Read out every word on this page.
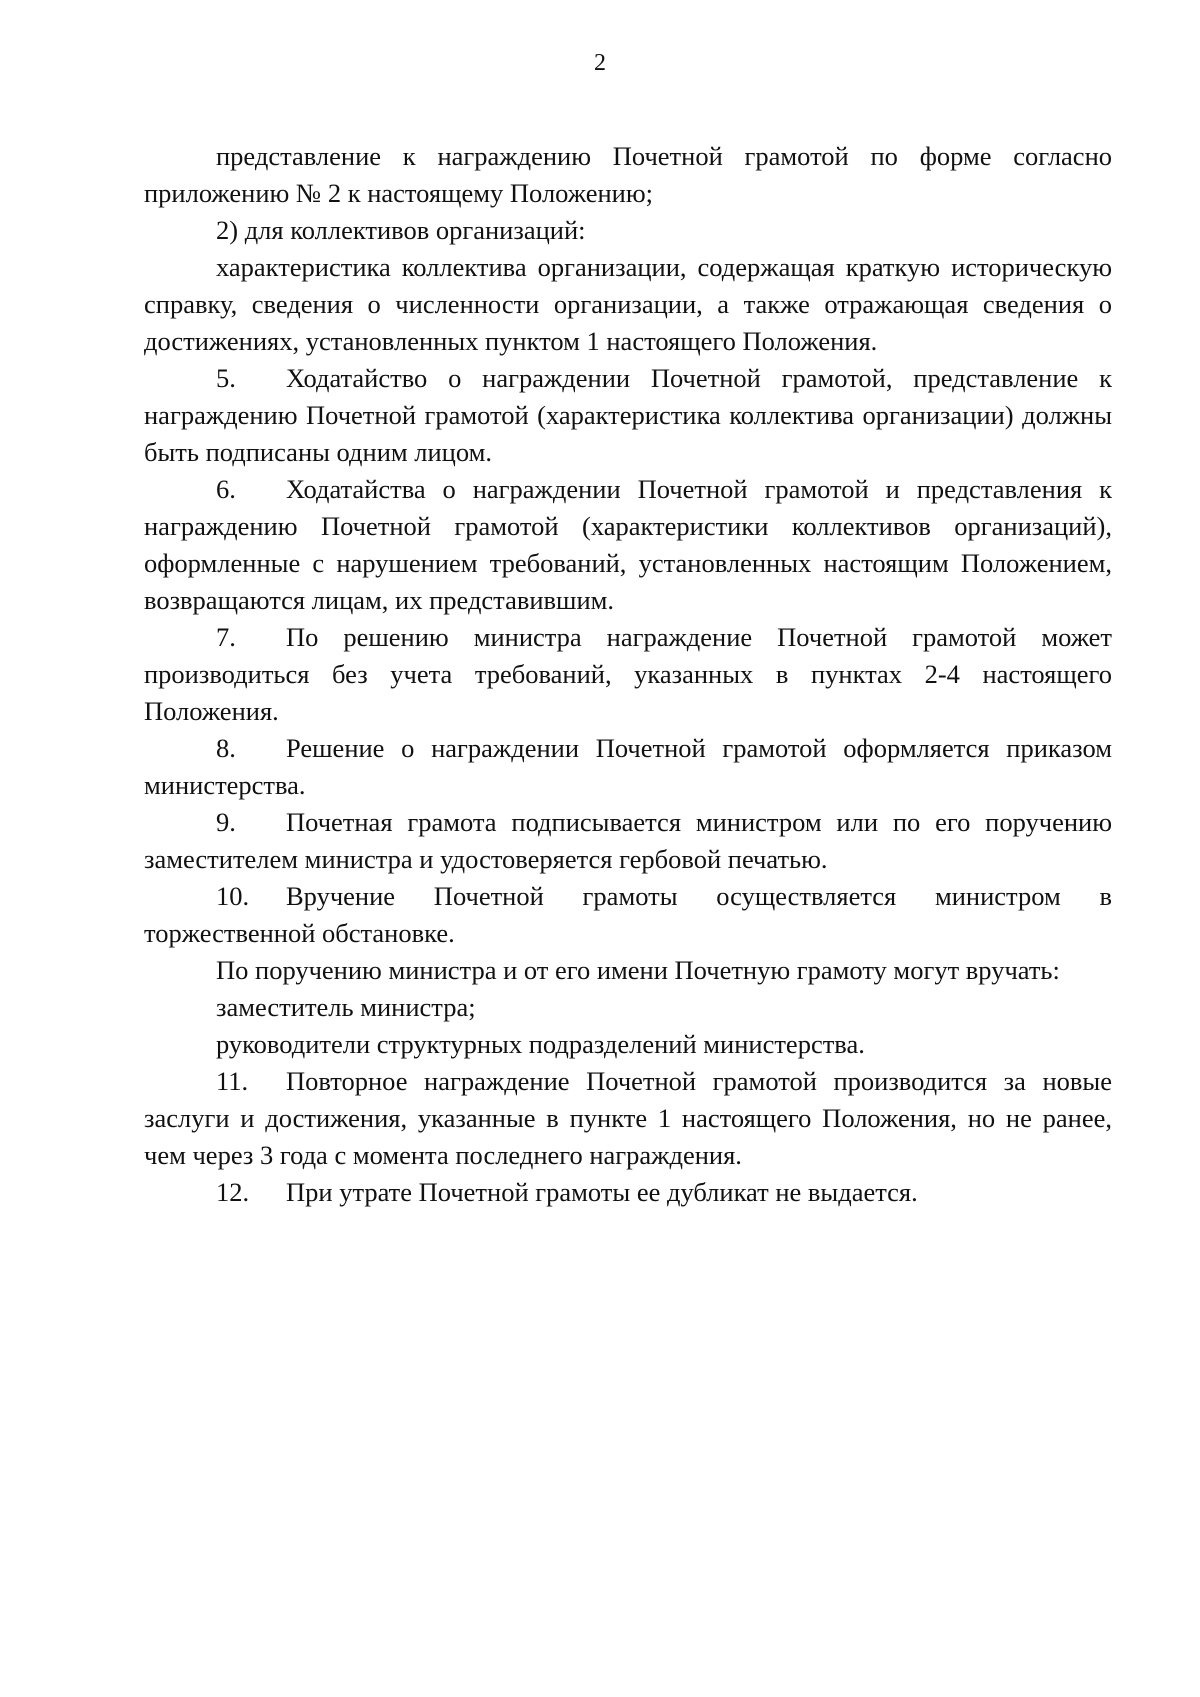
2

представление к награждению Почетной грамотой по форме согласно приложению № 2 к настоящему Положению;

2) для коллективов организаций:

характеристика коллектива организации, содержащая краткую историческую справку, сведения о численности организации, а также отражающая сведения о достижениях, установленных пунктом 1 настоящего Положения.

5. Ходатайство о награждении Почетной грамотой, представление к награждению Почетной грамотой (характеристика коллектива организации) должны быть подписаны одним лицом.

6. Ходатайства о награждении Почетной грамотой и представления к награждению Почетной грамотой (характеристики коллективов организаций), оформленные с нарушением требований, установленных настоящим Положением, возвращаются лицам, их представившим.

7. По решению министра награждение Почетной грамотой может производиться без учета требований, указанных в пунктах 2-4 настоящего Положения.

8. Решение о награждении Почетной грамотой оформляется приказом министерства.

9. Почетная грамота подписывается министром или по его поручению заместителем министра и удостоверяется гербовой печатью.

10. Вручение Почетной грамоты осуществляется министром в торжественной обстановке.

По поручению министра и от его имени Почетную грамоту могут вручать:

заместитель министра;

руководители структурных подразделений министерства.

11. Повторное награждение Почетной грамотой производится за новые заслуги и достижения, указанные в пункте 1 настоящего Положения, но не ранее, чем через 3 года с момента последнего награждения.

12. При утрате Почетной грамоты ее дубликат не выдается.
